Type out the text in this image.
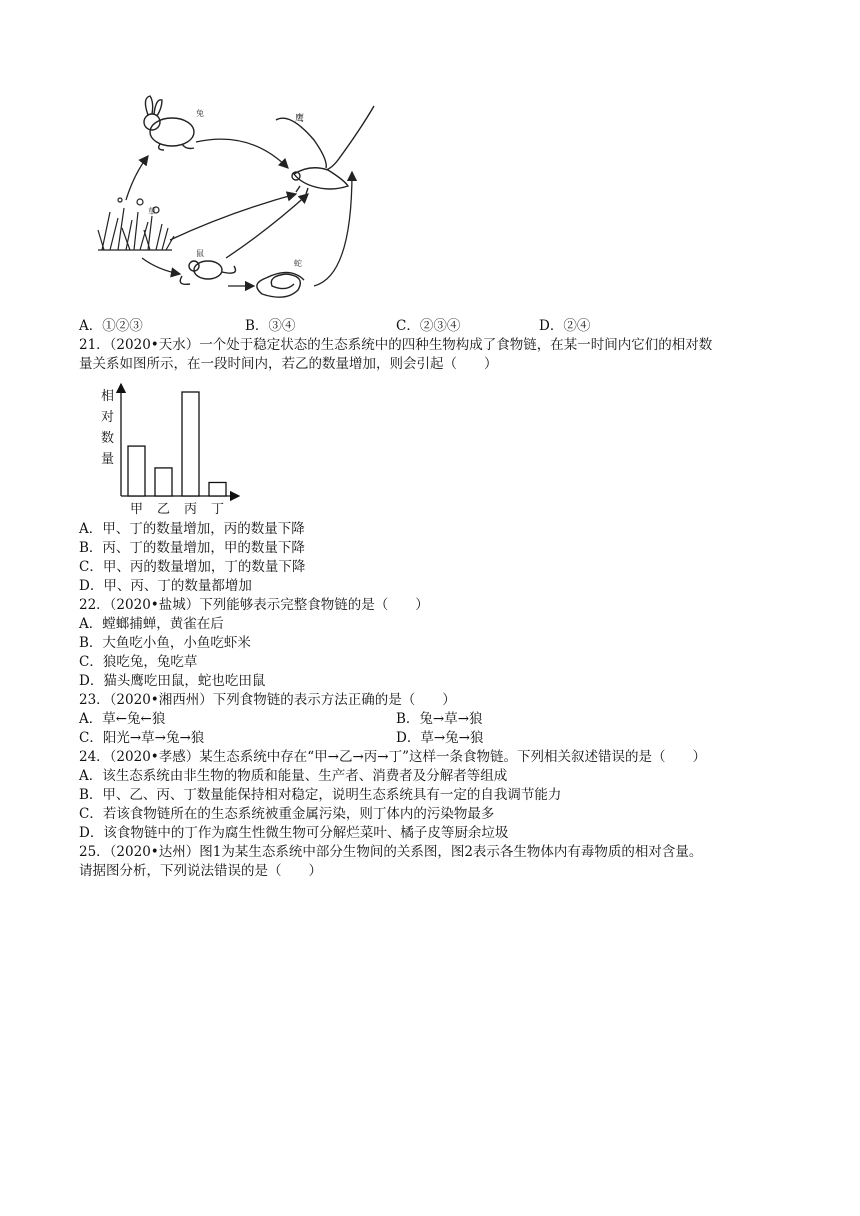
兔
草
鼠
蛇
鹰
A．①②③	B．③④	C．②③④	D．②④
21．（2020•天水）一个处于稳定状态的生态系统中的四种生物构成了食物链，在某一时间内它们的相对数
量关系如图所示，在一段时间内，若乙的数量增加，则会引起（　　）
相
对
数
量
甲 乙 丙 丁
A．甲、丁的数量增加，丙的数量下降
B．丙、丁的数量增加，甲的数量下降
C．甲、丙的数量增加，丁的数量下降
D．甲、丙、丁的数量都增加
22．（2020•盐城）下列能够表示完整食物链的是（　　）
A．螳螂捕蝉，黄雀在后
B．大鱼吃小鱼，小鱼吃虾米
C．狼吃兔，兔吃草
D．猫头鹰吃田鼠，蛇也吃田鼠
23．（2020•湘西州）下列食物链的表示方法正确的是（　　）
A．草←兔←狼	B．兔→草→狼
C．阳光→草→兔→狼	D．草→兔→狼
24．（2020•孝感）某生态系统中存在“甲→乙→丙→丁”这样一条食物链。下列相关叙述错误的是（　　）
A．该生态系统由非生物的物质和能量、生产者、消费者及分解者等组成
B．甲、乙、丙、丁数量能保持相对稳定，说明生态系统具有一定的自我调节能力
C．若该食物链所在的生态系统被重金属污染，则丁体内的污染物最多
D．该食物链中的丁作为腐生性微生物可分解烂菜叶、橘子皮等厨余垃圾
25．（2020•达州）图1为某生态系统中部分生物间的关系图，图2表示各生物体内有毒物质的相对含量。
请据图分析，下列说法错误的是（　　）
